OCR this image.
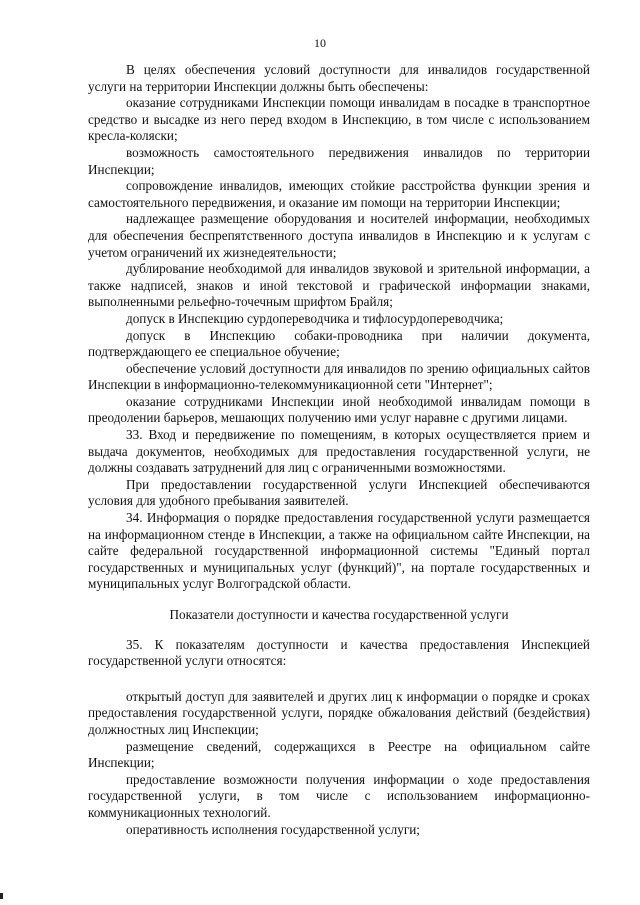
10

В целях обеспечения условий доступности для инвалидов государственной услуги на территории Инспекции должны быть обеспечены:

оказание сотрудниками Инспекции помощи инвалидам в посадке в транспортное средство и высадке из него перед входом в Инспекцию, в том числе с использованием кресла-коляски;

возможность самостоятельного передвижения инвалидов по территории Инспекции;

сопровождение инвалидов, имеющих стойкие расстройства функции зрения и самостоятельного передвижения, и оказание им помощи на территории Инспекции;

надлежащее размещение оборудования и носителей информации, необходимых для обеспечения беспрепятственного доступа инвалидов в Инспекцию и к услугам с учетом ограничений их жизнедеятельности;

дублирование необходимой для инвалидов звуковой и зрительной информации, а также надписей, знаков и иной текстовой и графической информации знаками, выполненными рельефно-точечным шрифтом Брайля;

допуск в Инспекцию сурдопереводчика и тифлосурдопереводчика;

допуск в Инспекцию собаки-проводника при наличии документа, подтверждающего ее специальное обучение;

обеспечение условий доступности для инвалидов по зрению официальных сайтов Инспекции в информационно-телекоммуникационной сети "Интернет";

оказание сотрудниками Инспекции иной необходимой инвалидам помощи в преодолении барьеров, мешающих получению ими услуг наравне с другими лицами.

33. Вход и передвижение по помещениям, в которых осуществляется прием и выдача документов, необходимых для предоставления государственной услуги, не должны создавать затруднений для лиц с ограниченными возможностями.

При предоставлении государственной услуги Инспекцией обеспечиваются условия для удобного пребывания заявителей.

34. Информация о порядке предоставления государственной услуги размещается на информационном стенде в Инспекции, а также на официальном сайте Инспекции, на сайте федеральной государственной информационной системы "Единый портал государственных и муниципальных услуг (функций)", на портале государственных и муниципальных услуг Волгоградской области.

Показатели доступности и качества государственной услуги

35. К показателям доступности и качества предоставления Инспекцией государственной услуги относятся:

открытый доступ для заявителей и других лиц к информации о порядке и сроках предоставления государственной услуги, порядке обжалования действий (бездействия) должностных лиц Инспекции;

размещение сведений, содержащихся в Реестре на официальном сайте Инспекции;

предоставление возможности получения информации о ходе предоставления государственной услуги, в том числе с использованием информационно-коммуникационных технологий.

оперативность исполнения государственной услуги;
